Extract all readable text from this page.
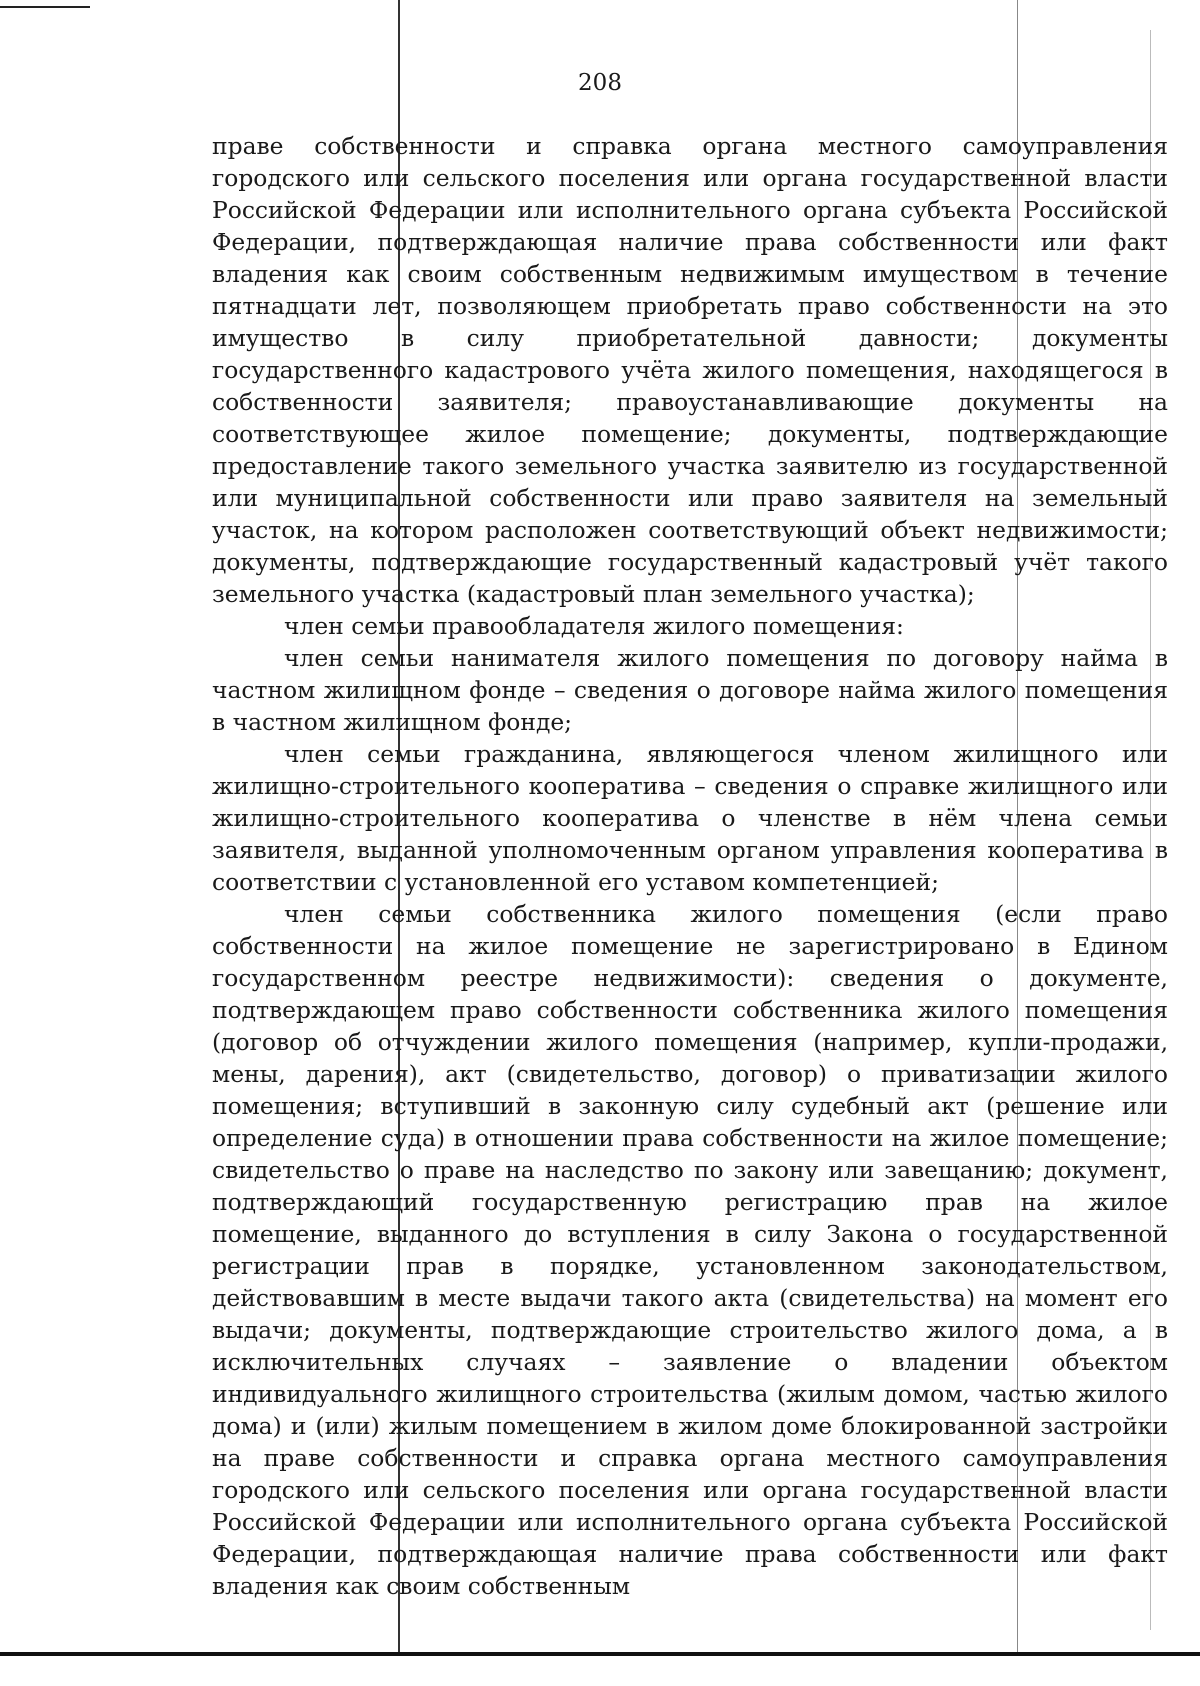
208

праве собственности и справка органа местного самоуправления городского или сельского поселения или органа государственной власти Российской Федерации или исполнительного органа субъекта Российской Федерации, подтверждающая наличие права собственности или факт владения как своим собственным недвижимым имуществом в течение пятнадцати лет, позволяющем приобретать право собственности на это имущество в силу приобретательной давности; документы государственного кадастрового учёта жилого помещения, находящегося в собственности заявителя; правоустанавливающие документы на соответствующее жилое помещение; документы, подтверждающие предоставление такого земельного участка заявителю из государственной или муниципальной собственности или право заявителя на земельный участок, на котором расположен соответствующий объект недвижимости; документы, подтверждающие государственный кадастровый учёт такого земельного участка (кадастровый план земельного участка);

член семьи правообладателя жилого помещения:

член семьи нанимателя жилого помещения по договору найма в частном жилищном фонде – сведения о договоре найма жилого помещения в частном жилищном фонде;

член семьи гражданина, являющегося членом жилищного или жилищно-строительного кооператива – сведения о справке жилищного или жилищно-строительного кооператива о членстве в нём члена семьи заявителя, выданной уполномоченным органом управления кооператива в соответствии с установленной его уставом компетенцией;

член семьи собственника жилого помещения (если право собственности на жилое помещение не зарегистрировано в Едином государственном реестре недвижимости): сведения о документе, подтверждающем право собственности собственника жилого помещения (договор об отчуждении жилого помещения (например, купли-продажи, мены, дарения), акт (свидетельство, договор) о приватизации жилого помещения; вступивший в законную силу судебный акт (решение или определение суда) в отношении права собственности на жилое помещение; свидетельство о праве на наследство по закону или завещанию; документ, подтверждающий государственную регистрацию прав на жилое помещение, выданного до вступления в силу Закона о государственной регистрации прав в порядке, установленном законодательством, действовавшим в месте выдачи такого акта (свидетельства) на момент его выдачи; документы, подтверждающие строительство жилого дома, а в исключительных случаях – заявление о владении объектом индивидуального жилищного строительства (жилым домом, частью жилого дома) и (или) жилым помещением в жилом доме блокированной застройки на праве собственности и справка органа местного самоуправления городского или сельского поселения или органа государственной власти Российской Федерации или исполнительного органа субъекта Российской Федерации, подтверждающая наличие права собственности или факт владения как своим собственным
